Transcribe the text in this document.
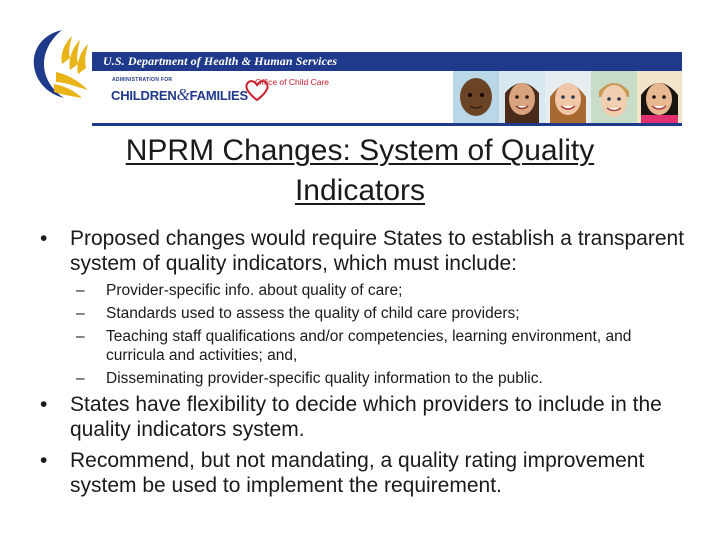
U.S. Department of Health & Human Services
ADMINISTRATION FOR
CHILDREN&FAMILIES
Office of Child Care
NPRM Changes: System of Quality
Indicators
• Proposed changes would require States to establish a transparent system of quality indicators, which must include:
– Provider-specific info. about quality of care;
– Standards used to assess the quality of child care providers;
– Teaching staff qualifications and/or competencies, learning environment, and curricula and activities; and,
– Disseminating provider-specific quality information to the public.
• States have flexibility to decide which providers to include in the quality indicators system.
• Recommend, but not mandating, a quality rating improvement system be used to implement the requirement.
